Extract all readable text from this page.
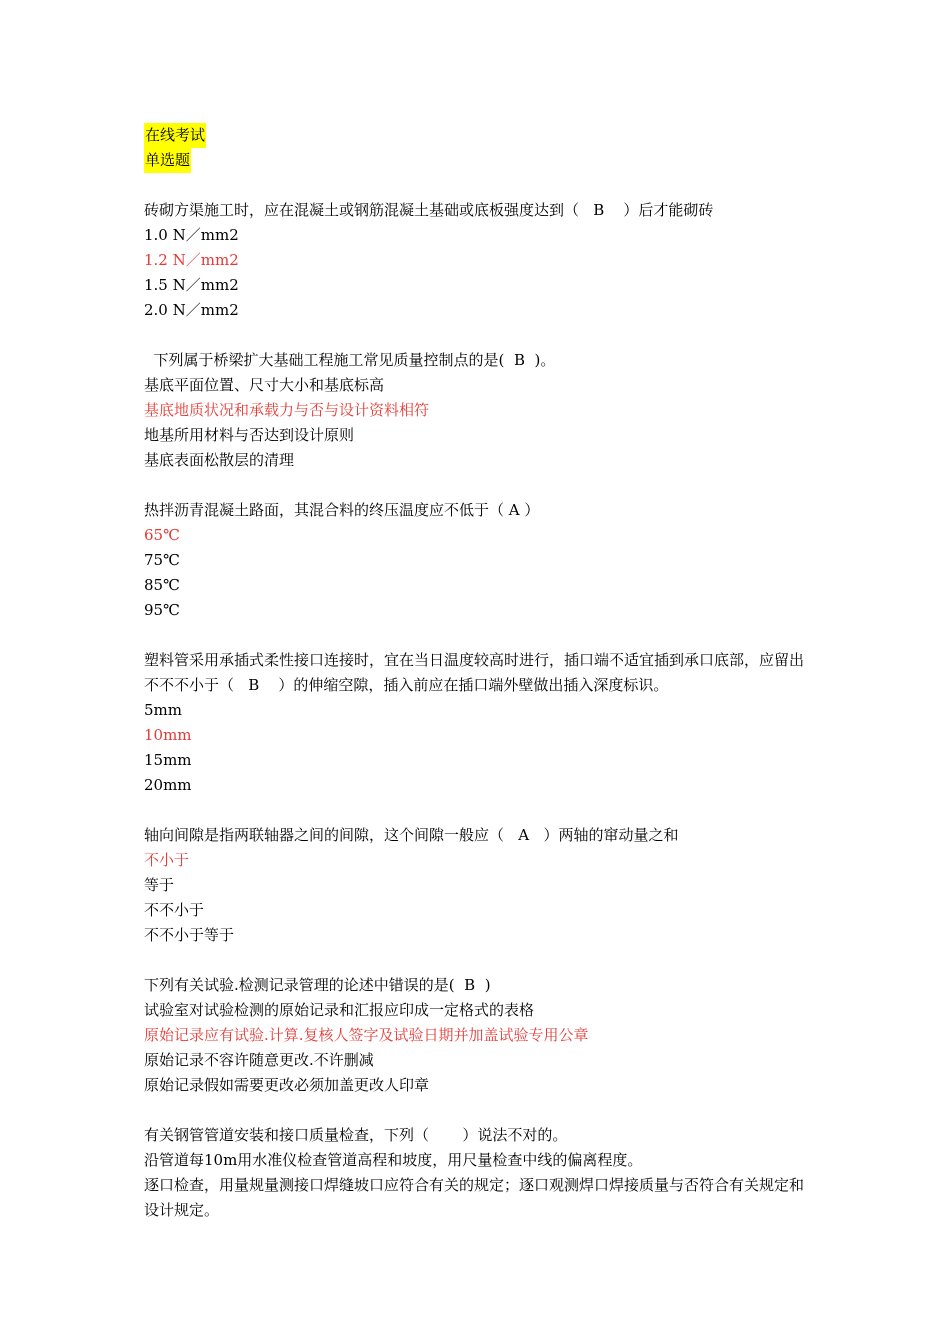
在线考试
单选题

砖砌方渠施工时，应在混凝土或钢筋混凝土基础或底板强度达到（   B    ）后才能砌砖

1.0 N／mm2

1.2 N／mm2

1.5 N／mm2

2.0 N／mm2

下列属于桥梁扩大基础工程施工常见质量控制点的是(  B  )。

基底平面位置、尺寸大小和基底标高

基底地质状况和承载力与否与设计资料相符

地基所用材料与否达到设计原则

基底表面松散层的清理

热拌沥青混凝土路面，其混合料的终压温度应不低于（ A ）

65℃

75℃

85℃

95℃

塑料管采用承插式柔性接口连接时，宜在当日温度较高时进行，插口端不适宜插到承口底部，应留出不不不小于（   B    ）的伸缩空隙，插入前应在插口端外壁做出插入深度标识。

5mm

10mm

15mm

20mm

轴向间隙是指两联轴器之间的间隙，这个间隙一般应（   A   ）两轴的窜动量之和

不小于

等于

不不小于

不不小于等于

下列有关试验.检测记录管理的论述中错误的是(  B  )

试验室对试验检测的原始记录和汇报应印成一定格式的表格

原始记录应有试验.计算.复核人签字及试验日期并加盖试验专用公章

原始记录不容许随意更改.不许删减

原始记录假如需要更改必须加盖更改人印章

有关钢管管道安装和接口质量检查，下列（       ）说法不对的。

沿管道每10m用水准仪检查管道高程和坡度，用尺量检查中线的偏离程度。

逐口检查，用量规量测接口焊缝坡口应符合有关的规定；逐口观测焊口焊接质量与否符合有关规定和设计规定。
